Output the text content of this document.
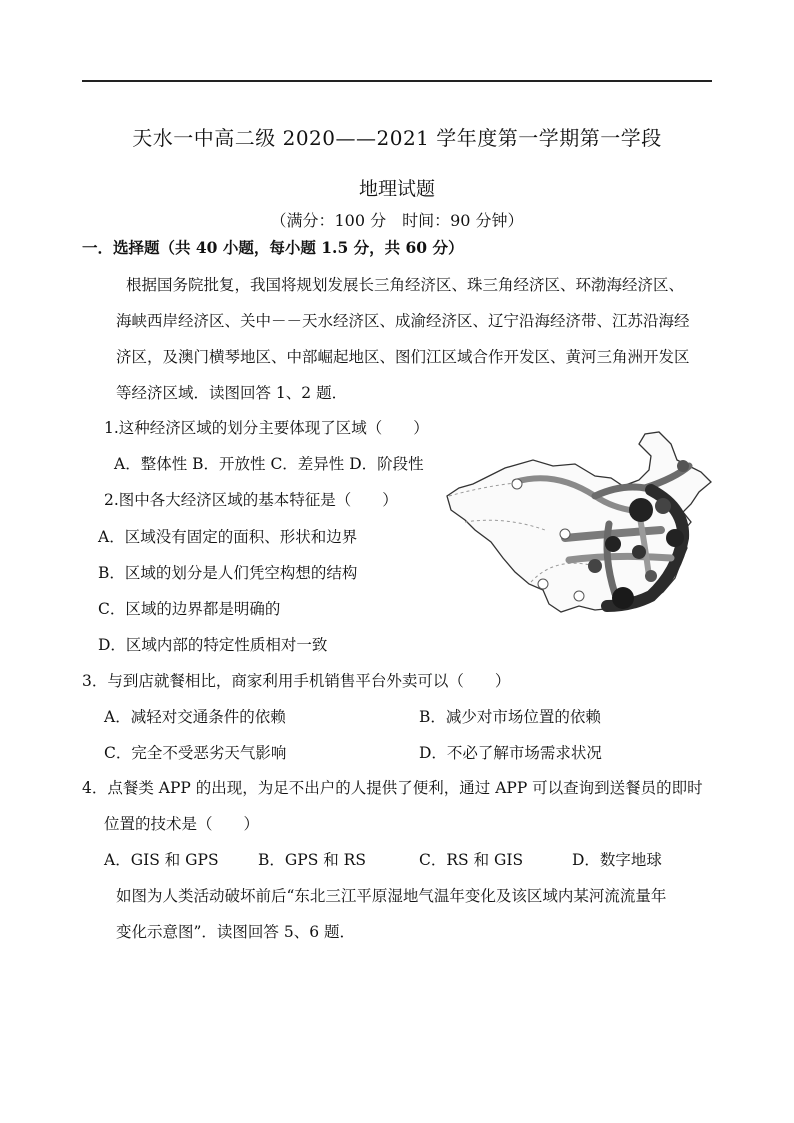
天水一中高二级 2020——2021 学年度第一学期第一学段
地理试题
（满分：100 分　时间：90 分钟）
一．选择题（共 40 小题，每小题 1.5 分，共 60 分）
根据国务院批复，我国将规划发展长三角经济区、珠三角经济区、环渤海经济区、
海峡西岸经济区、关中－－天水经济区、成渝经济区、辽宁沿海经济带、江苏沿海经
济区，及澳门横琴地区、中部崛起地区、图们江区域合作开发区、黄河三角洲开发区
等经济区域．读图回答 1、2 题．
1.这种经济区域的划分主要体现了区域（　　）
A．整体性 B．开放性 C．差异性 D．阶段性
2.图中各大经济区域的基本特征是（　　）
A．区域没有固定的面积、形状和边界
B．区域的划分是人们凭空构想的结构
C．区域的边界都是明确的
D．区域内部的特定性质相对一致
3．与到店就餐相比，商家利用手机销售平台外卖可以（　　）
A．减轻对交通条件的依赖	B．减少对市场位置的依赖
C．完全不受恶劣天气影响	D．不必了解市场需求状况
4．点餐类 APP 的出现，为足不出户的人提供了便利，通过 APP 可以查询到送餐员的即时
位置的技术是（　　）
A．GIS 和 GPS	B．GPS 和 RS	C．RS 和 GIS	D．数字地球
如图为人类活动破坏前后“东北三江平原湿地气温年变化及该区域内某河流流量年
变化示意图”．读图回答 5、6 题．
